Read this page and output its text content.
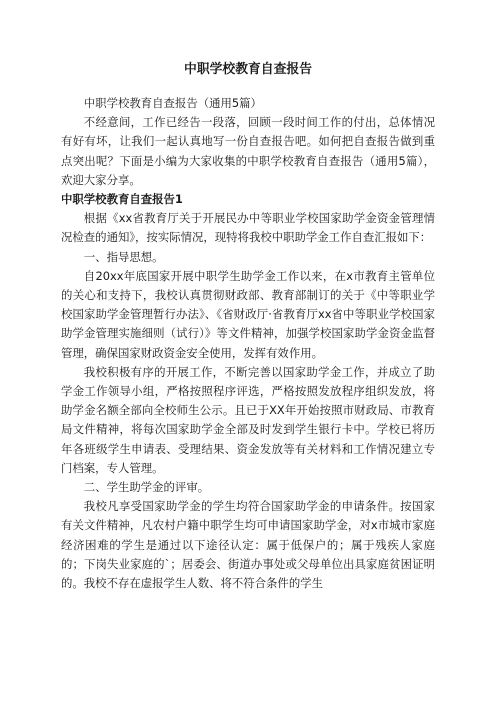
中职学校教育自查报告

中职学校教育自查报告（通用5篇）

不经意间，工作已经告一段落，回顾一段时间工作的付出，总体情况有好有坏，让我们一起认真地写一份自查报告吧。如何把自查报告做到重点突出呢？下面是小编为大家收集的中职学校教育自查报告（通用5篇），欢迎大家分享。

中职学校教育自查报告1

根据《xx省教育厅关于开展民办中等职业学校国家助学金资金管理情况检查的通知》，按实际情况，现特将我校中职助学金工作自查汇报如下：

一、指导思想。

自20xx年底国家开展中职学生助学金工作以来，在x市教育主管单位的关心和支持下，我校认真贯彻财政部、教育部制订的关于《中等职业学校国家助学金管理暂行办法》、《省财政厅·省教育厅xx省中等职业学校国家助学金管理实施细则（试行）》等文件精神，加强学校国家助学金资金监督管理，确保国家财政资金安全使用，发挥有效作用。

我校积极有序的开展工作，不断完善以国家助学金工作，并成立了助学金工作领导小组，严格按照程序评选，严格按照发放程序组织发放，将助学金名额全部向全校师生公示。且已于XX年开始按照市财政局、市教育局文件精神，将每次国家助学金全部及时发到学生银行卡中。学校已将历年各班级学生申请表、受理结果、资金发放等有关材料和工作情况建立专门档案，专人管理。

二、学生助学金的评审。

我校凡享受国家助学金的学生均符合国家助学金的申请条件。按国家有关文件精神，凡农村户籍中职学生均可申请国家助学金，对x市城市家庭经济困难的学生是通过以下途径认定：属于低保户的；属于残疾人家庭的；下岗失业家庭的`；居委会、街道办事处或父母单位出具家庭贫困证明的。我校不存在虚报学生人数、将不符合条件的学生
